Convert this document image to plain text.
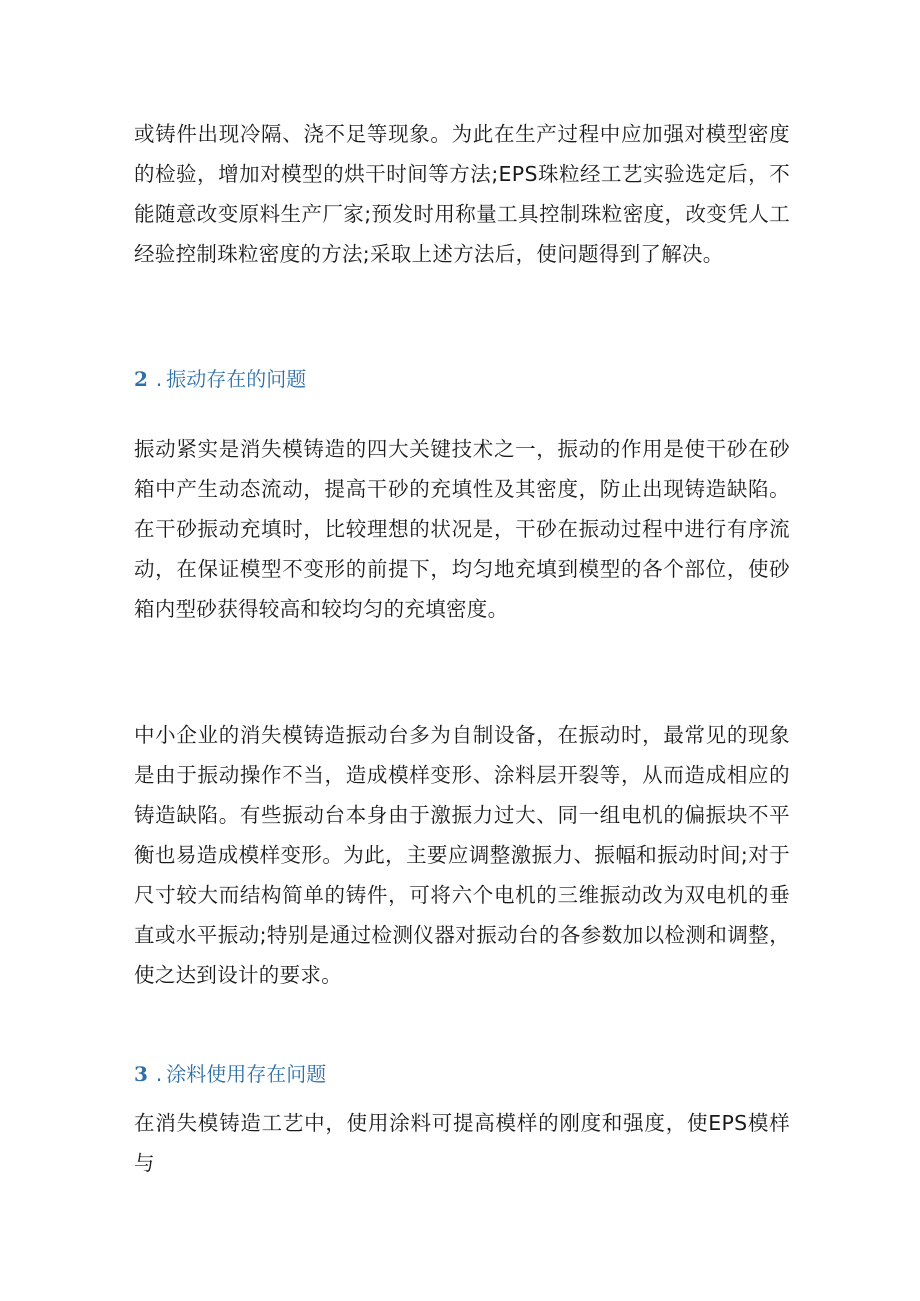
或铸件出现冷隔、浇不足等现象。为此在生产过程中应加强对模型密度的检验，增加对模型的烘干时间等方法;EPS珠粒经工艺实验选定后，不能随意改变原料生产厂家;预发时用称量工具控制珠粒密度，改变凭人工经验控制珠粒密度的方法;采取上述方法后，使问题得到了解决。

2 . 振动存在的问题

振动紧实是消失模铸造的四大关键技术之一，振动的作用是使干砂在砂箱中产生动态流动，提高干砂的充填性及其密度，防止出现铸造缺陷。在干砂振动充填时，比较理想的状况是，干砂在振动过程中进行有序流动，在保证模型不变形的前提下，均匀地充填到模型的各个部位，使砂箱内型砂获得较高和较均匀的充填密度。

中小企业的消失模铸造振动台多为自制设备，在振动时，最常见的现象是由于振动操作不当，造成模样变形、涂料层开裂等，从而造成相应的铸造缺陷。有些振动台本身由于激振力过大、同一组电机的偏振块不平衡也易造成模样变形。为此，主要应调整激振力、振幅和振动时间;对于尺寸较大而结构简单的铸件，可将六个电机的三维振动改为双电机的垂直或水平振动;特别是通过检测仪器对振动台的各参数加以检测和调整，使之达到设计的要求。
3 . 涂料使用存在问题

在消失模铸造工艺中，使用涂料可提高模样的刚度和强度，使EPS模样与
